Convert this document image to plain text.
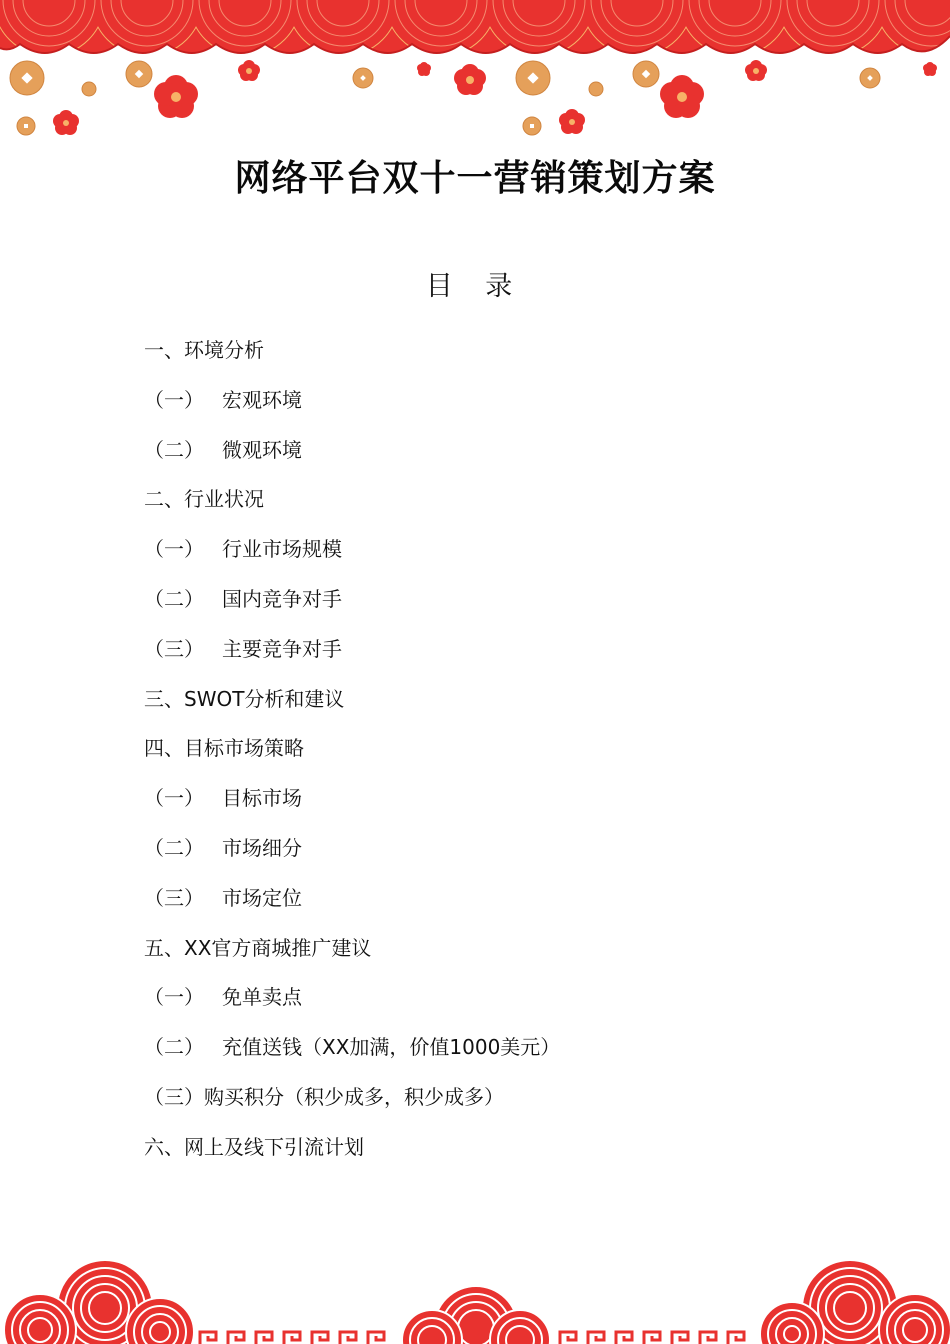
网络平台双十一营销策划方案
目 录
一、环境分析
（一） 宏观环境
（二） 微观环境
二、行业状况
（一） 行业市场规模
（二） 国内竞争对手
（三） 主要竞争对手
三、SWOT分析和建议
四、目标市场策略
（一） 目标市场
（二） 市场细分
（三） 市场定位
五、XX官方商城推广建议
（一） 免单卖点
（二） 充值送钱（XX加满，价值1000美元）
（三）购买积分（积少成多，积少成多）
六、网上及线下引流计划
